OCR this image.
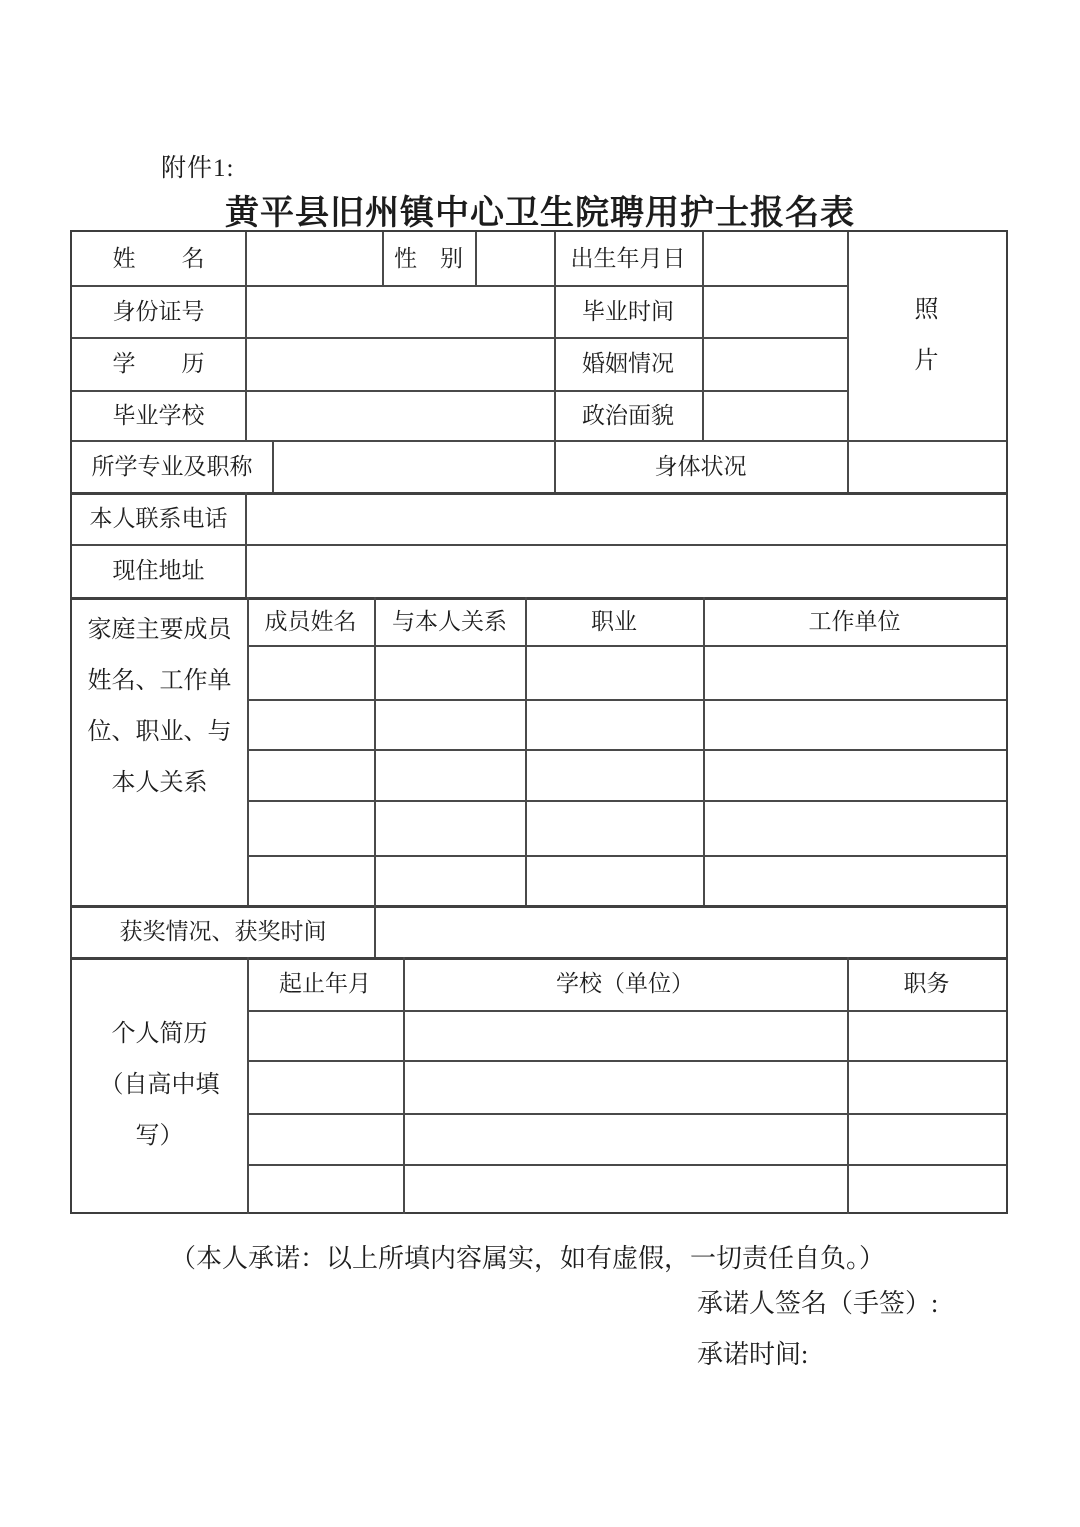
附件1:
黄平县旧州镇中心卫生院聘用护士报名表
姓　　名	性　别	出生年月日
照
片
身份证号	毕业时间
学　　历	婚姻情况
毕业学校	政治面貌
所学专业及职称	身体状况
本人联系电话
现住地址
家庭主要成员
姓名、工作单
位、职业、与
本人关系
成员姓名	与本人关系	职业	工作单位
获奖情况、获奖时间
个人简历
（自高中填
写）
起止年月	学校（单位）	职务
（本人承诺：以上所填内容属实，如有虚假，一切责任自负。）
承诺人签名（手签）:
承诺时间:
